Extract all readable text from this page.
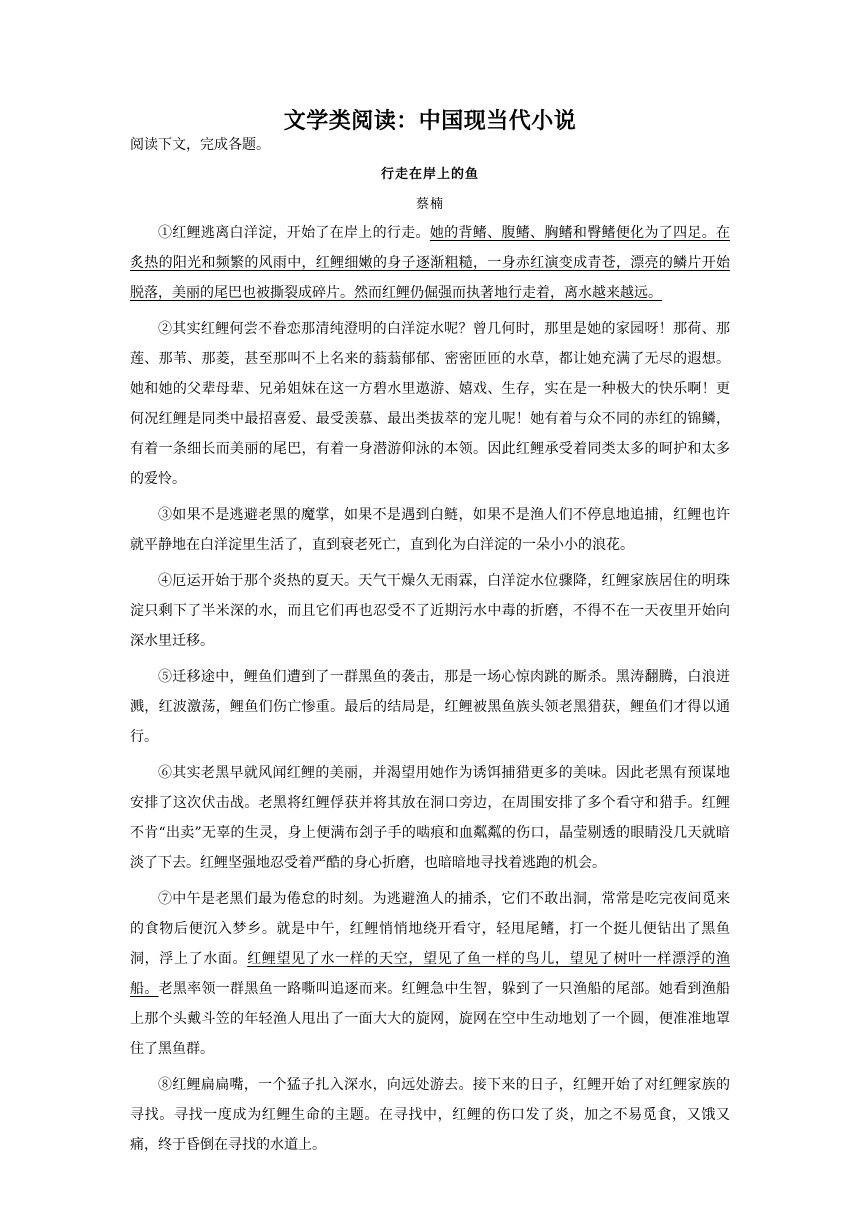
文学类阅读：中国现当代小说
阅读下文，完成各题。
行走在岸上的鱼
蔡楠

①红鲤逃离白洋淀，开始了在岸上的行走。她的背鳍、腹鳍、胸鳍和臀鳍便化为了四足。在炙热的阳光和频繁的风雨中，红鲤细嫩的身子逐渐粗糙，一身赤红演变成青苍，漂亮的鳞片开始脱落，美丽的尾巴也被撕裂成碎片。然而红鲤仍倔强而执著地行走着，离水越来越远。

②其实红鲤何尝不眷恋那清纯澄明的白洋淀水呢？曾几何时，那里是她的家园呀！那荷、那莲、那苇、那菱，甚至那叫不上名来的蓊蓊郁郁、密密匝匝的水草，都让她充满了无尽的遐想。她和她的父辈母辈、兄弟姐妹在这一方碧水里遨游、嬉戏、生存，实在是一种极大的快乐啊！更何况红鲤是同类中最招喜爱、最受羡慕、最出类拔萃的宠儿呢！她有着与众不同的赤红的锦鳞，有着一条细长而美丽的尾巴，有着一身潜游仰泳的本领。因此红鲤承受着同类太多的呵护和太多的爱怜。

③如果不是逃避老黑的魔掌，如果不是遇到白鲢，如果不是渔人们不停息地追捕，红鲤也许就平静地在白洋淀里生活了，直到衰老死亡，直到化为白洋淀的一朵小小的浪花。

④厄运开始于那个炎热的夏天。天气干燥久无雨霖，白洋淀水位骤降，红鲤家族居住的明珠淀只剩下了半米深的水，而且它们再也忍受不了近期污水中毒的折磨，不得不在一天夜里开始向深水里迁移。

⑤迁移途中，鲤鱼们遭到了一群黑鱼的袭击，那是一场心惊肉跳的厮杀。黑涛翻腾，白浪迸溅，红波激荡，鲤鱼们伤亡惨重。最后的结局是，红鲤被黑鱼族头领老黑猎获，鲤鱼们才得以通行。

⑥其实老黑早就风闻红鲤的美丽，并渴望用她作为诱饵捕猎更多的美味。因此老黑有预谋地安排了这次伏击战。老黑将红鲤俘获并将其放在洞口旁边，在周围安排了多个看守和猎手。红鲤不肯“出卖”无辜的生灵，身上便满布刽子手的啮痕和血粼粼的伤口，晶莹剔透的眼睛没几天就暗淡了下去。红鲤坚强地忍受着严酷的身心折磨，也暗暗地寻找着逃跑的机会。

⑦中午是老黑们最为倦怠的时刻。为逃避渔人的捕杀，它们不敢出洞，常常是吃完夜间觅来的食物后便沉入梦乡。就是中午，红鲤悄悄地绕开看守，轻甩尾鳍，打一个挺儿便钻出了黑鱼洞，浮上了水面。红鲤望见了水一样的天空，望见了鱼一样的鸟儿，望见了树叶一样漂浮的渔船。老黑率领一群黑鱼一路嘶叫追逐而来。红鲤急中生智，躲到了一只渔船的尾部。她看到渔船上那个头戴斗笠的年轻渔人甩出了一面大大的旋网，旋网在空中生动地划了一个圆，便准准地罩住了黑鱼群。

⑧红鲤扁扁嘴，一个猛子扎入深水，向远处游去。接下来的日子，红鲤开始了对红鲤家族的寻找。寻找一度成为红鲤生命的主题。在寻找中，红鲤的伤口发了炎，加之不易觅食，又饿又痛，终于昏倒在寻找的水道上。
